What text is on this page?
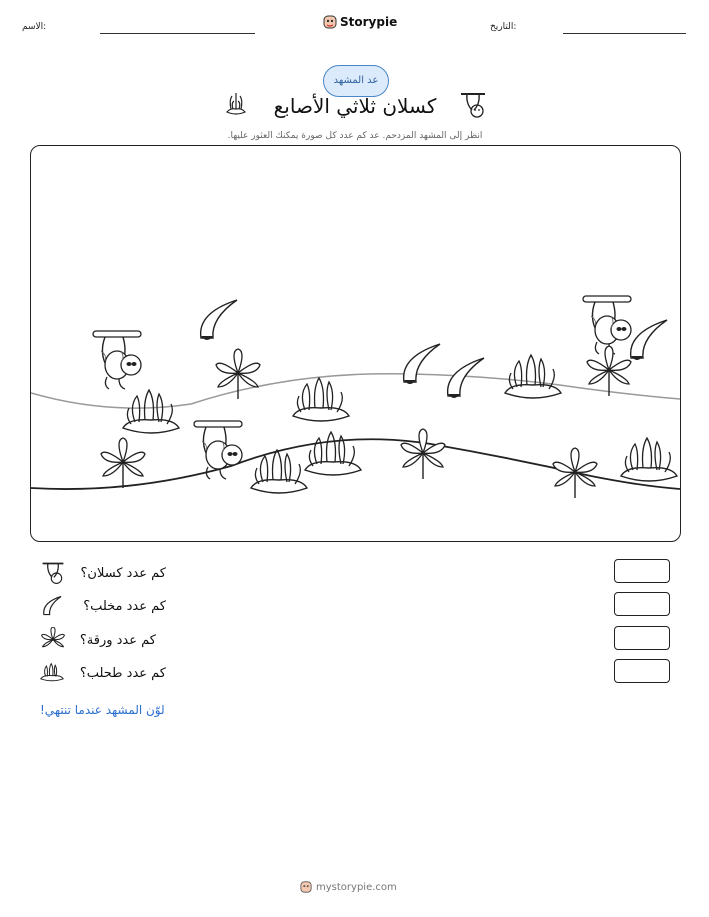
التاريخ:
Storypie
الاسم:
عد المشهد
كسلان ثلاثي الأصابع
انظر إلى المشهد المزدحم. عد كم عدد كل صورة يمكنك العثور عليها.
كم عدد كسلان؟
كم عدد مخلب؟
كم عدد ورقة؟
كم عدد طحلب؟
لوّن المشهد عندما تنتهي!
mystorypie.com
